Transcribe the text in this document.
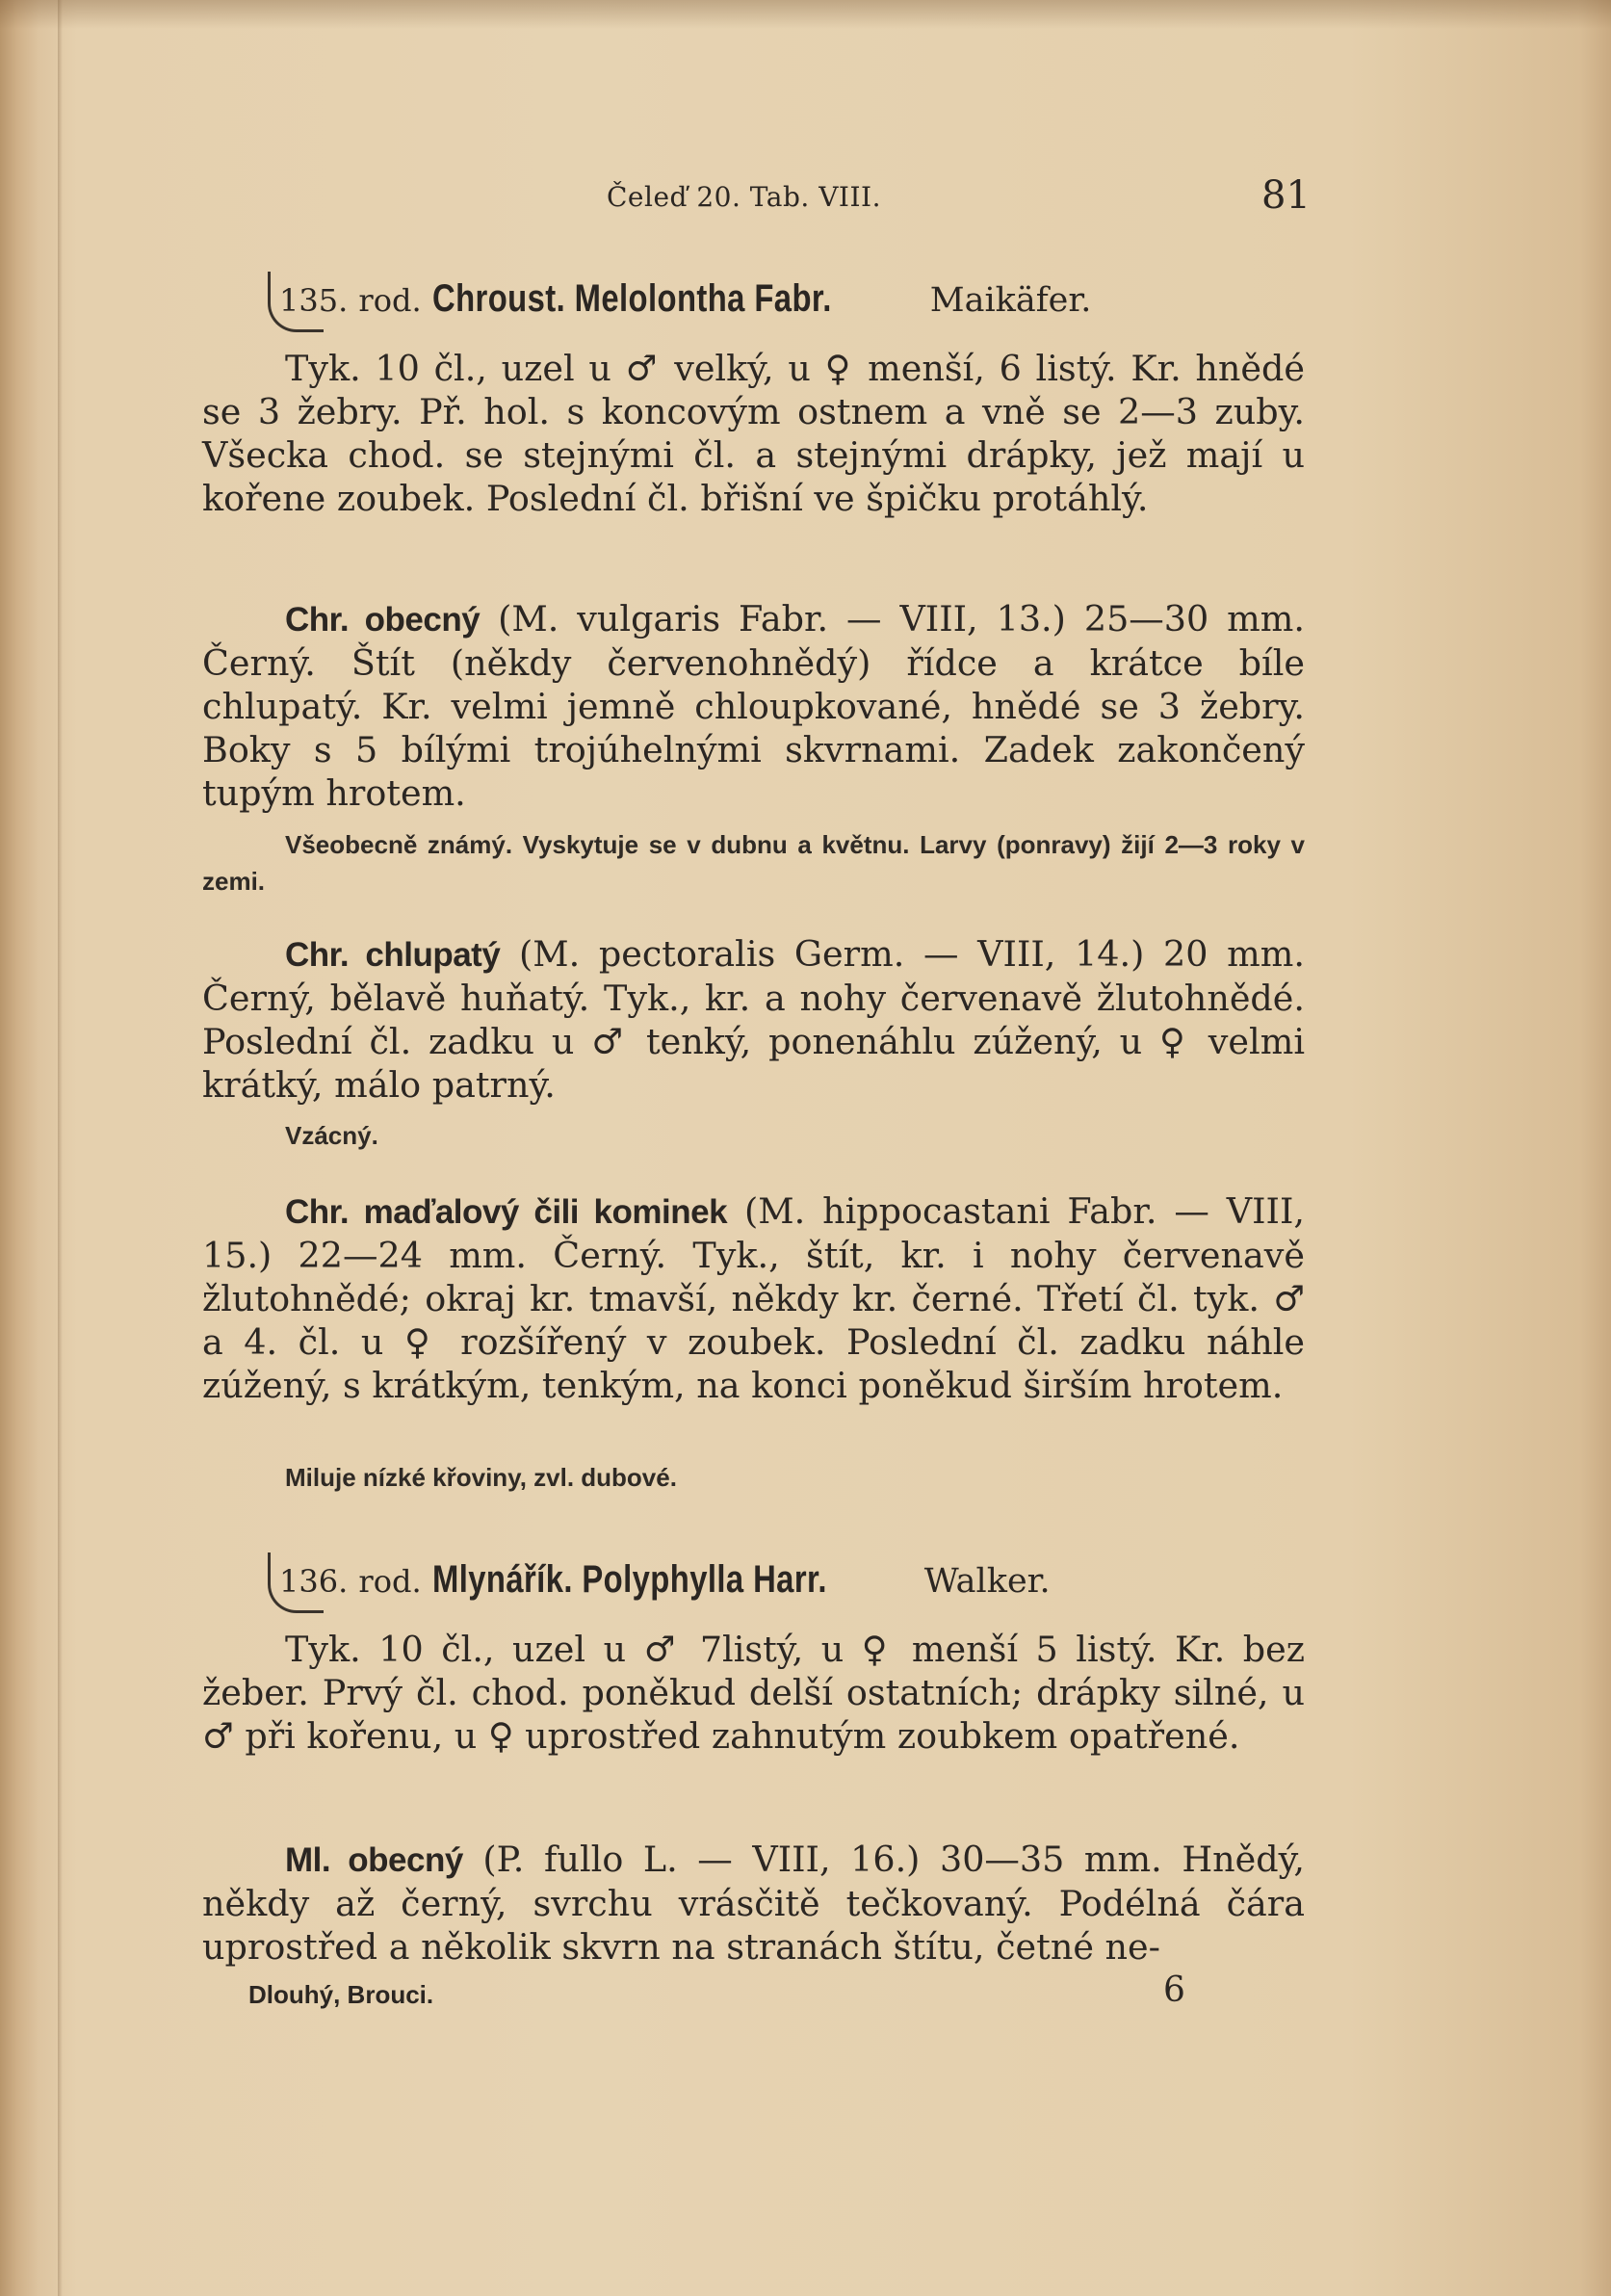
Čeleď 20. Tab. VIII.	81
135. rod. Chroust. Melolontha Fabr.	Maikäfer.
Tyk. 10 čl., uzel u ♂ velký, u ♀ menší, 6 listý. Kr. hnědé se 3 žebry. Př. hol. s koncovým ostnem a vně se 2—3 zuby. Všecka chod. se stejnými čl. a stejnými drápky, jež mají u kořene zoubek. Poslední čl. břišní ve špičku protáhlý.
Chr. obecný (M. vulgaris Fabr. — VIII, 13.) 25—30 mm. Černý. Štít (někdy červenohnědý) řídce a krátce bíle chlupatý. Kr. velmi jemně chloupkované, hnědé se 3 žebry. Boky s 5 bílými trojúhelnými skvrnami. Zadek zakončený tupým hrotem.
Všeobecně známý. Vyskytuje se v dubnu a květnu. Larvy (ponravy) žijí 2—3 roky v zemi.
Chr. chlupatý (M. pectoralis Germ. — VIII, 14.) 20 mm. Černý, bělavě huňatý. Tyk., kr. a nohy červenavě žlutohnědé. Poslední čl. zadku u ♂ tenký, ponenáhlu zúžený, u ♀ velmi krátký, málo patrný.
Vzácný.
Chr. maďalový čili kominek (M. hippocastani Fabr. — VIII, 15.) 22—24 mm. Černý. Tyk., štít, kr. i nohy červenavě žlutohnědé; okraj kr. tmavší, někdy kr. černé. Třetí čl. tyk. ♂ a 4. čl. u ♀ rozšířený v zoubek. Poslední čl. zadku náhle zúžený, s krátkým, tenkým, na konci poněkud širším hrotem.
Miluje nízké křoviny, zvl. dubové.
136. rod. Mlynářík. Polyphylla Harr.	Walker.
Tyk. 10 čl., uzel u ♂ 7listý, u ♀ menší 5 listý. Kr. bez žeber. Prvý čl. chod. poněkud delší ostatních; drápky silné, u ♂ při kořenu, u ♀ uprostřed zahnutým zoubkem opatřené.
Ml. obecný (P. fullo L. — VIII, 16.) 30—35 mm. Hnědý, někdy až černý, svrchu vrásčitě tečkovaný. Podélná čára uprostřed a několik skvrn na stranách štítu, četné ne-
Dlouhý, Brouci.	6
